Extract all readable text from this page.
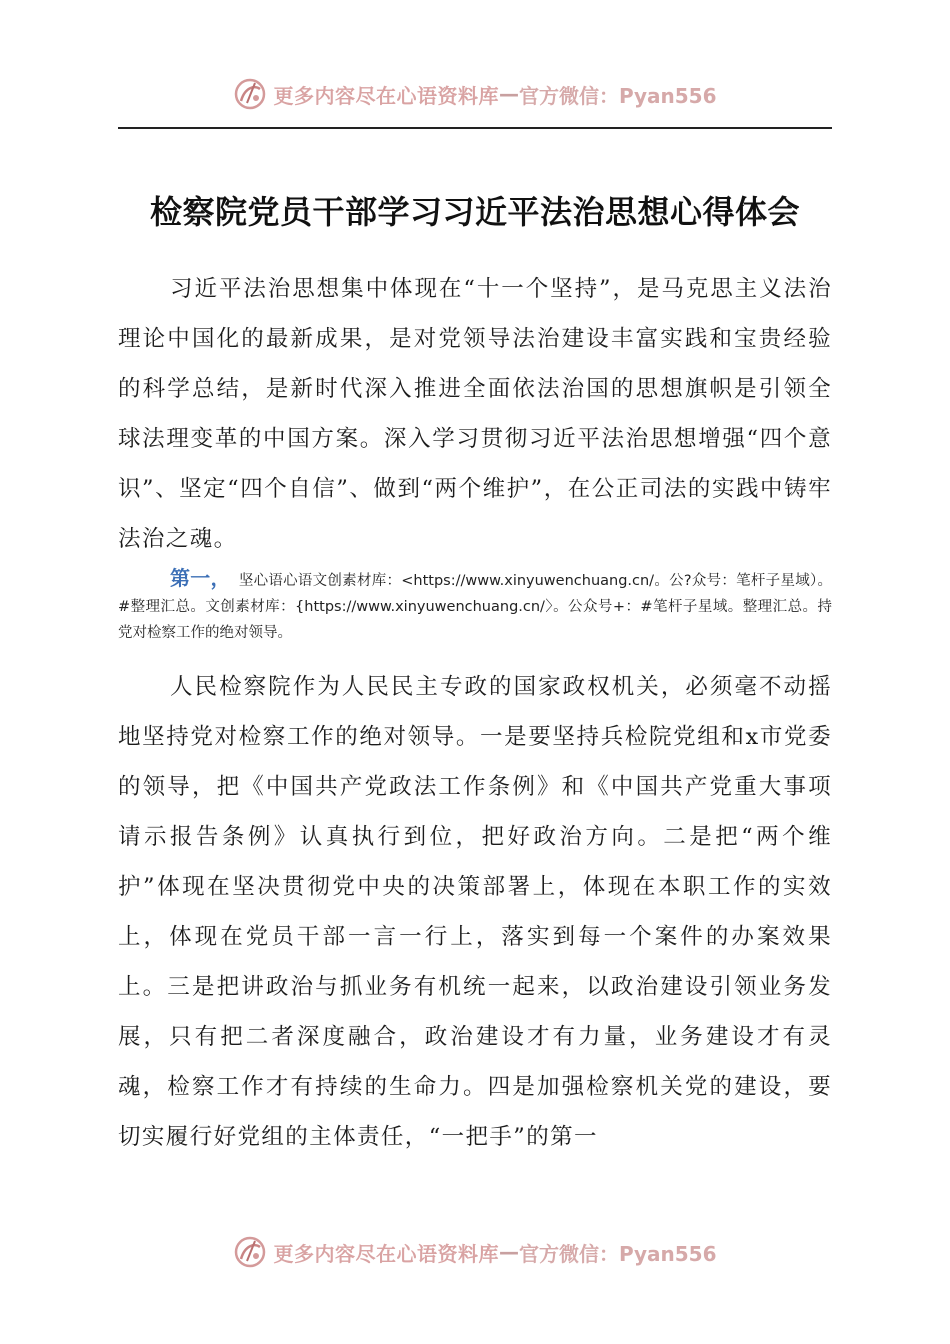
更多内容尽在心语资料库 — 官方微信：Pyan556
检察院党员干部学习习近平法治思想心得体会

习近平法治思想集中体现在“十一个坚持”，是马克思主义法治理论中国化的最新成果，是对党领导法治建设丰富实践和宝贵经验的科学总结，是新时代深入推进全面依法治国的思想旗帜是引领全球法理变革的中国方案。深入学习贯彻习近平法治思想增强“四个意识”、坚定“四个自信”、做到“两个维护”，在公正司法的实践中铸牢法治之魂。

第一， 坚心语心语文创素材库：<https://www.xinyuwenchuang.cn/。公?众号：笔杆子星域）。#整理汇总。文创素材库：{https://www.xinyuwenchuang.cn/〉。公众号+：#笔杆子星域。整理汇总。持党对检察工作的绝对领导。

人民检察院作为人民民主专政的国家政权机关，必须毫不动摇地坚持党对检察工作的绝对领导。一是要坚持兵检院党组和x市党委的领导，把《中国共产党政法工作条例》和《中国共产党重大事项请示报告条例》认真执行到位，把好政治方向。二是把“两个维护”体现在坚决贯彻党中央的决策部署上，体现在本职工作的实效上，体现在党员干部一言一行上，落实到每一个案件的办案效果上。三是把讲政治与抓业务有机统一起来，以政治建设引领业务发展，只有把二者深度融合，政治建设才有力量，业务建设才有灵魂，检察工作才有持续的生命力。四是加强检察机关党的建设，要切实履行好党组的主体责任，“一把手”的第一

更多内容尽在心语资料库 — 官方微信：Pyan556
